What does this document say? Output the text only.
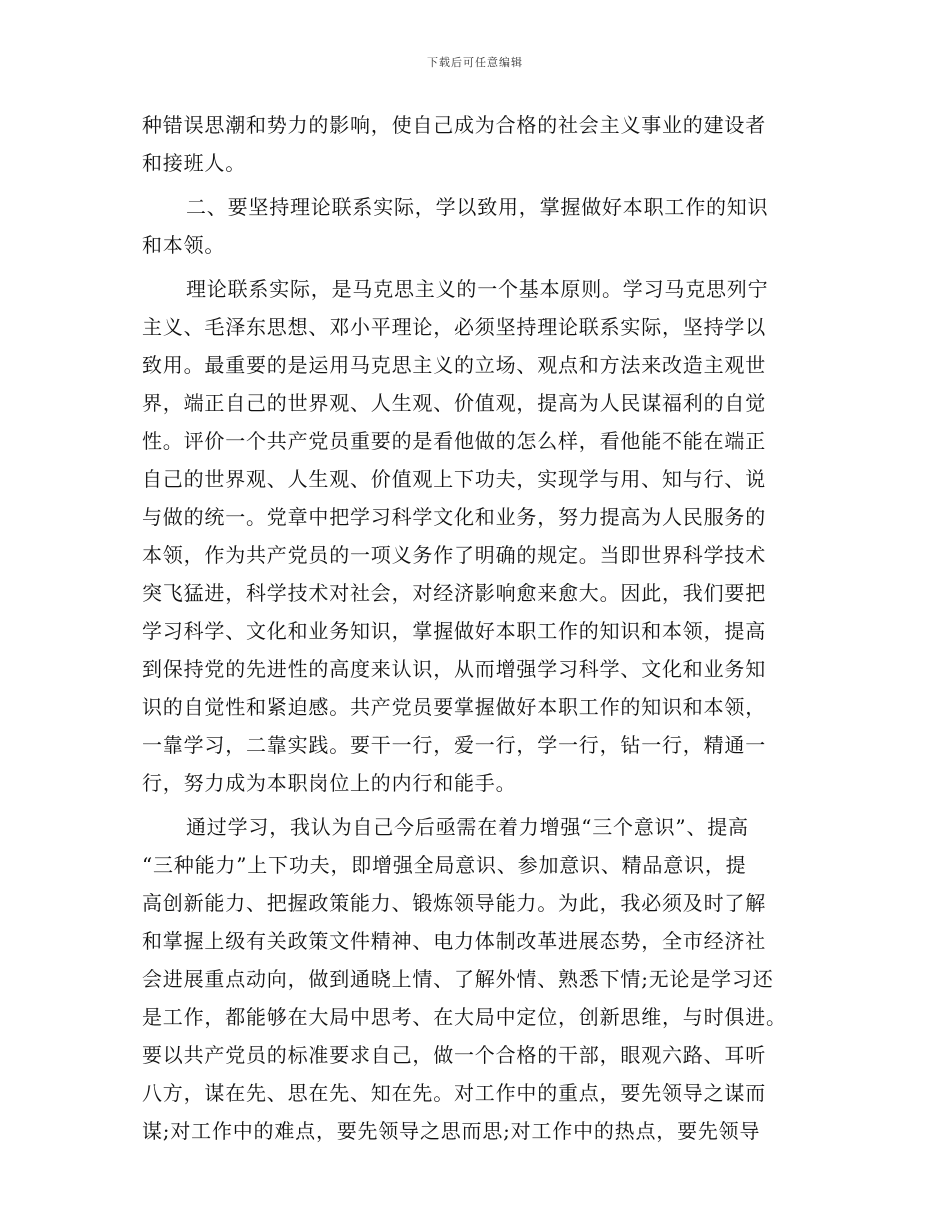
下载后可任意编辑
种错误思潮和势力的影响，使自己成为合格的社会主义事业的建设者
和接班人。
二、要坚持理论联系实际，学以致用，掌握做好本职工作的知识
和本领。
理论联系实际，是马克思主义的一个基本原则。学习马克思列宁
主义、毛泽东思想、邓小平理论，必须坚持理论联系实际，坚持学以
致用。最重要的是运用马克思主义的立场、观点和方法来改造主观世
界，端正自己的世界观、人生观、价值观，提高为人民谋福利的自觉
性。评价一个共产党员重要的是看他做的怎么样，看他能不能在端正
自己的世界观、人生观、价值观上下功夫，实现学与用、知与行、说
与做的统一。党章中把学习科学文化和业务，努力提高为人民服务的
本领，作为共产党员的一项义务作了明确的规定。当即世界科学技术
突飞猛进，科学技术对社会，对经济影响愈来愈大。因此，我们要把
学习科学、文化和业务知识，掌握做好本职工作的知识和本领，提高
到保持党的先进性的高度来认识，从而增强学习科学、文化和业务知
识的自觉性和紧迫感。共产党员要掌握做好本职工作的知识和本领，
一靠学习，二靠实践。要干一行，爱一行，学一行，钻一行，精通一
行，努力成为本职岗位上的内行和能手。
通过学习，我认为自己今后亟需在着力增强“三个意识”、提高
“三种能力”上下功夫，即增强全局意识、参加意识、精品意识，提
高创新能力、把握政策能力、锻炼领导能力。为此，我必须及时了解
和掌握上级有关政策文件精神、电力体制改革进展态势，全市经济社
会进展重点动向，做到通晓上情、了解外情、熟悉下情;无论是学习还
是工作，都能够在大局中思考、在大局中定位，创新思维，与时俱进。
要以共产党员的标准要求自己，做一个合格的干部，眼观六路、耳听
八方，谋在先、思在先、知在先。对工作中的重点，要先领导之谋而
谋;对工作中的难点，要先领导之思而思;对工作中的热点，要先领导
